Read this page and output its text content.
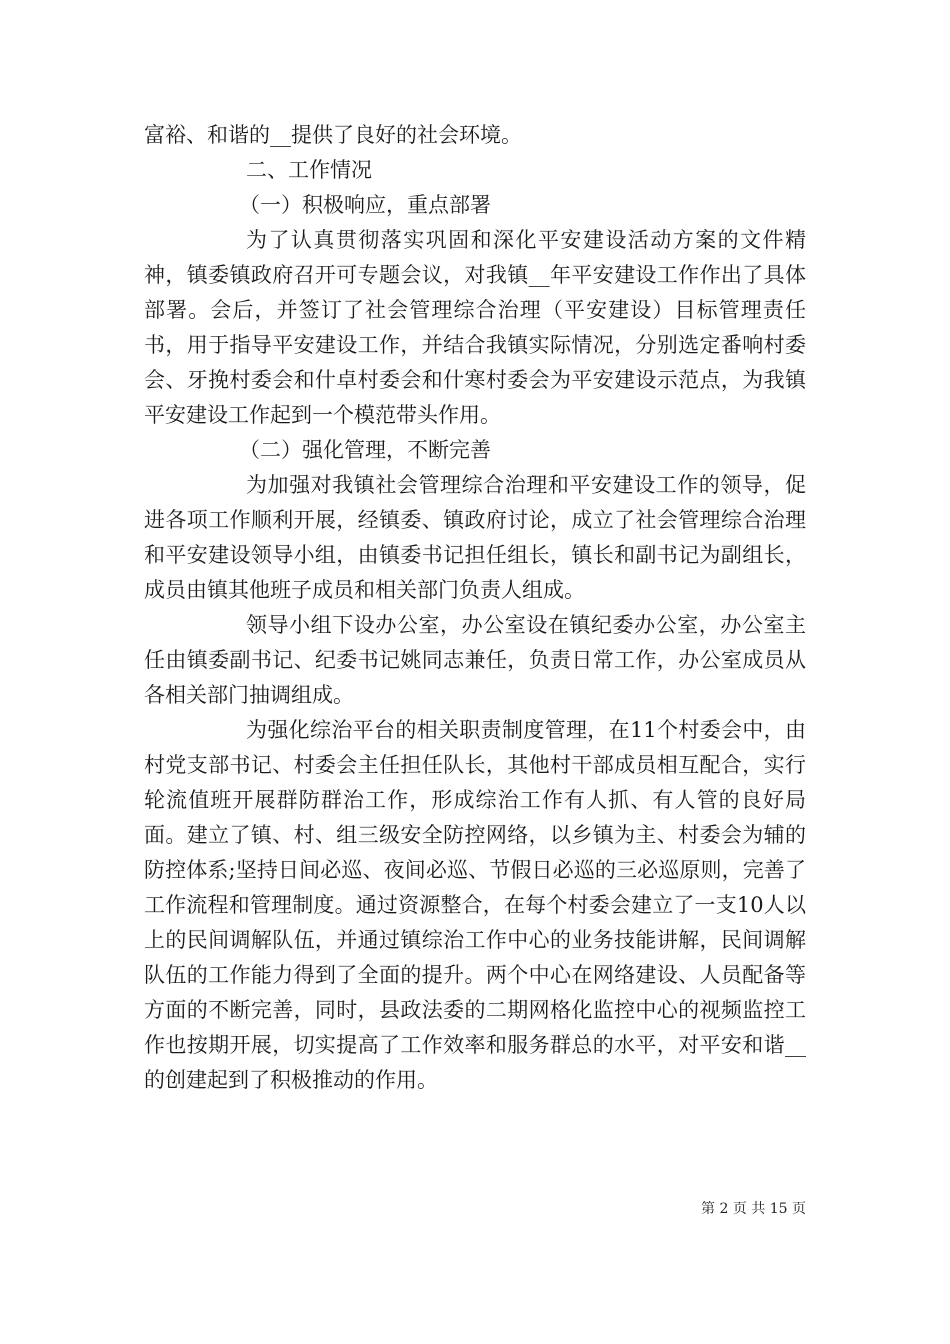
富裕、和谐的__提供了良好的社会环境。

二、工作情况

（一）积极响应，重点部署

为了认真贯彻落实巩固和深化平安建设活动方案的文件精神，镇委镇政府召开可专题会议，对我镇__年平安建设工作作出了具体部署。会后，并签订了社会管理综合治理（平安建设）目标管理责任书，用于指导平安建设工作，并结合我镇实际情况，分别选定番响村委会、牙挽村委会和什卓村委会和什寒村委会为平安建设示范点，为我镇平安建设工作起到一个模范带头作用。

（二）强化管理，不断完善

为加强对我镇社会管理综合治理和平安建设工作的领导，促进各项工作顺利开展，经镇委、镇政府讨论，成立了社会管理综合治理和平安建设领导小组，由镇委书记担任组长，镇长和副书记为副组长，成员由镇其他班子成员和相关部门负责人组成。

领导小组下设办公室，办公室设在镇纪委办公室，办公室主任由镇委副书记、纪委书记姚同志兼任，负责日常工作，办公室成员从各相关部门抽调组成。

为强化综治平台的相关职责制度管理，在11个村委会中，由村党支部书记、村委会主任担任队长，其他村干部成员相互配合，实行轮流值班开展群防群治工作，形成综治工作有人抓、有人管的良好局面。建立了镇、村、组三级安全防控网络，以乡镇为主、村委会为辅的防控体系;坚持日间必巡、夜间必巡、节假日必巡的三必巡原则，完善了工作流程和管理制度。通过资源整合，在每个村委会建立了一支10人以上的民间调解队伍，并通过镇综治工作中心的业务技能讲解，民间调解队伍的工作能力得到了全面的提升。两个中心在网络建设、人员配备等方面的不断完善，同时，县政法委的二期网格化监控中心的视频监控工作也按期开展，切实提高了工作效率和服务群总的水平，对平安和谐__的创建起到了积极推动的作用。

第 2 页 共 15 页
